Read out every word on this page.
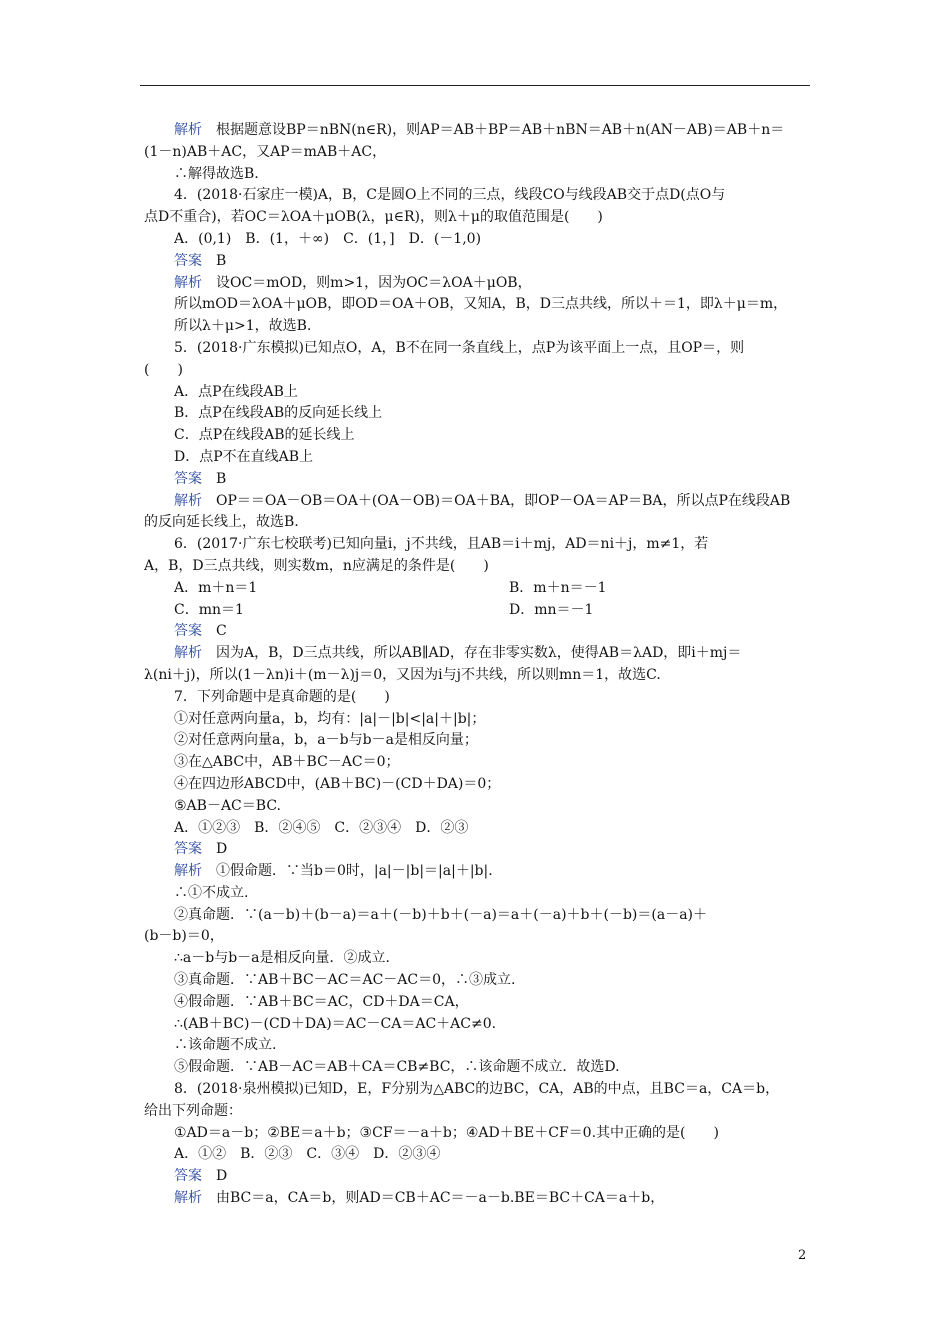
解析 根据题意设BP＝nBN(n∈R)，则AP＝AB＋BP＝AB＋nBN＝AB＋n(AN－AB)＝AB＋n＝
(1－n)AB＋AC，又AP＝mAB＋AC，
∴解得故选B.
4．(2018·石家庄一模)A，B，C是圆O上不同的三点，线段CO与线段AB交于点D(点O与
点D不重合)，若OC＝λOA＋μOB(λ，μ∈R)，则λ＋μ的取值范围是(　　)
A．(0,1)　B．(1，＋∞)　C．(1，]　D．(－1,0)
答案 B
解析 设OC＝mOD，则m>1，因为OC＝λOA＋μOB，
所以mOD＝λOA＋μOB，即OD＝OA＋OB，又知A，B，D三点共线，所以＋＝1，即λ＋μ＝m，
所以λ＋μ>1，故选B.
5．(2018·广东模拟)已知点O，A，B不在同一条直线上，点P为该平面上一点，且OP＝，则
(　　)
A．点P在线段AB上
B．点P在线段AB的反向延长线上
C．点P在线段AB的延长线上
D．点P不在直线AB上
答案 B
解析 OP＝＝OA－OB＝OA＋(OA－OB)＝OA＋BA，即OP－OA＝AP＝BA，所以点P在线段AB
的反向延长线上，故选B.
6．(2017·广东七校联考)已知向量i，j不共线，且AB＝i＋mj，AD＝ni＋j，m≠1，若
A，B，D三点共线，则实数m，n应满足的条件是(　　)
A．m＋n＝1	B．m＋n＝－1
C．mn＝1	D．mn＝－1
答案 C
解析 因为A，B，D三点共线，所以AB∥AD，存在非零实数λ，使得AB＝λAD，即i＋mj＝
λ(ni＋j)，所以(1－λn)i＋(m－λ)j＝0，又因为i与j不共线，所以则mn＝1，故选C.
7．下列命题中是真命题的是(　　)
①对任意两向量a，b，均有：|a|－|b|<|a|＋|b|；
②对任意两向量a，b，a－b与b－a是相反向量；
③在△ABC中，AB＋BC－AC＝0；
④在四边形ABCD中，(AB＋BC)－(CD＋DA)＝0；
⑤AB－AC＝BC.
A．①②③　B．②④⑤　C．②③④　D．②③
答案 D
解析 ①假命题．∵当b＝0时，|a|－|b|＝|a|＋|b|.
∴①不成立.
②真命题．∵(a－b)＋(b－a)＝a＋(－b)＋b＋(－a)＝a＋(－a)＋b＋(－b)＝(a－a)＋
(b－b)＝0，
∴a－b与b－a是相反向量．②成立.
③真命题．∵AB＋BC－AC＝AC－AC＝0，∴③成立.
④假命题．∵AB＋BC＝AC，CD＋DA＝CA，
∴(AB＋BC)－(CD＋DA)＝AC－CA＝AC＋AC≠0.
∴该命题不成立.
⑤假命题．∵AB－AC＝AB＋CA＝CB≠BC，∴该命题不成立．故选D.
8．(2018·泉州模拟)已知D，E，F分别为△ABC的边BC，CA，AB的中点，且BC＝a，CA＝b，
给出下列命题：
①AD＝a－b；②BE＝a＋b；③CF＝－a＋b；④AD＋BE＋CF＝0.其中正确的是(　　)
A．①②　B．②③　C．③④　D．②③④
答案 D
解析 由BC＝a，CA＝b，则AD＝CB＋AC＝－a－b.BE＝BC＋CA＝a＋b，
2
